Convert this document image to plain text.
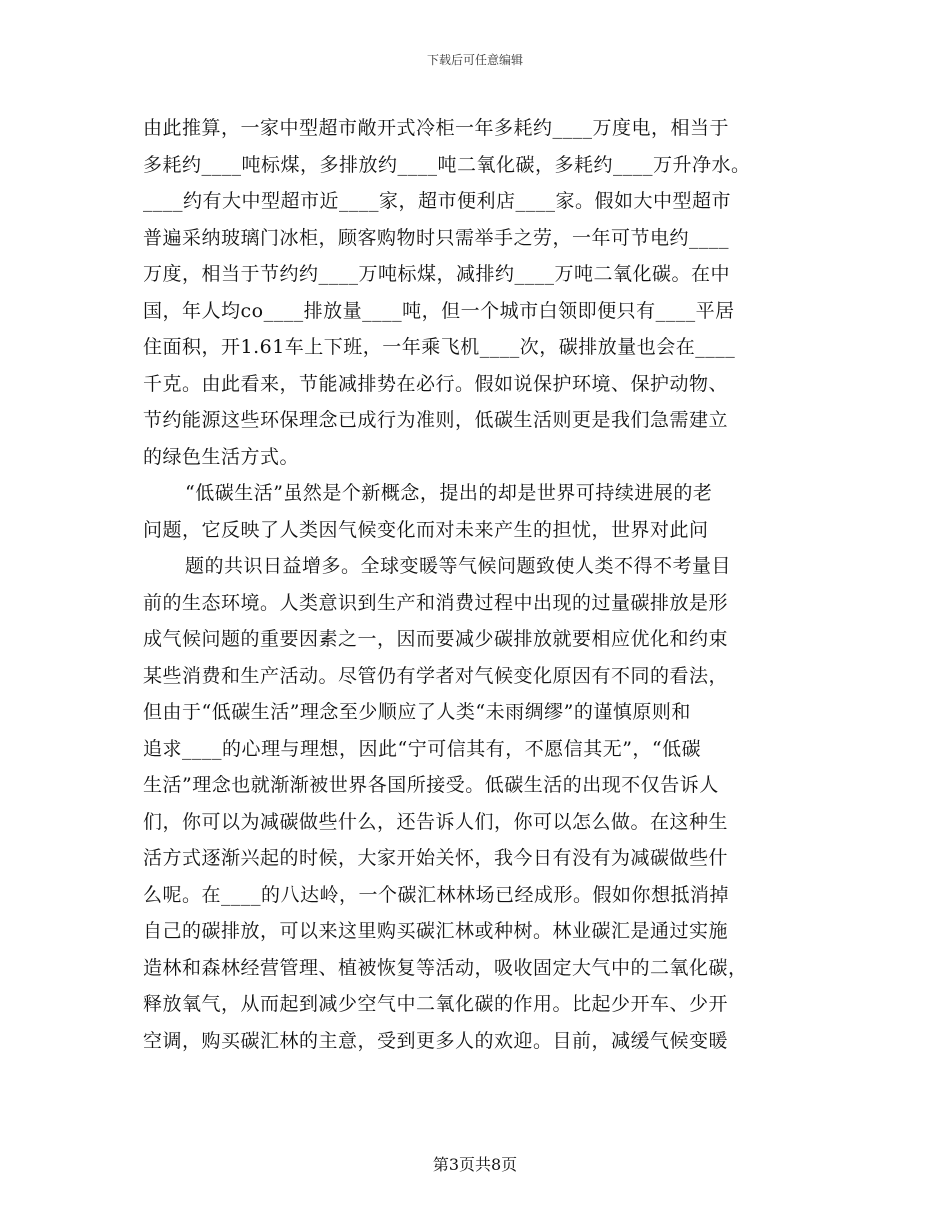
下载后可任意编辑
由此推算，一家中型超市敞开式冷柜一年多耗约____万度电，相当于
多耗约____吨标煤，多排放约____吨二氧化碳，多耗约____万升净水。
____约有大中型超市近____家，超市便利店____家。假如大中型超市
普遍采纳玻璃门冰柜，顾客购物时只需举手之劳，一年可节电约____
万度，相当于节约约____万吨标煤，减排约____万吨二氧化碳。在中
国，年人均co____排放量____吨，但一个城市白领即便只有____平居
住面积，开1.61车上下班，一年乘飞机____次，碳排放量也会在____
千克。由此看来，节能减排势在必行。假如说保护环境、保护动物、
节约能源这些环保理念已成行为准则，低碳生活则更是我们急需建立
的绿色生活方式。
“低碳生活”虽然是个新概念，提出的却是世界可持续进展的老
问题，它反映了人类因气候变化而对未来产生的担忧，世界对此问
题的共识日益增多。全球变暖等气候问题致使人类不得不考量目
前的生态环境。人类意识到生产和消费过程中出现的过量碳排放是形
成气候问题的重要因素之一，因而要减少碳排放就要相应优化和约束
某些消费和生产活动。尽管仍有学者对气候变化原因有不同的看法，
但由于“低碳生活”理念至少顺应了人类“未雨绸缪”的谨慎原则和
追求____的心理与理想，因此“宁可信其有，不愿信其无”，“低碳
生活”理念也就渐渐被世界各国所接受。低碳生活的出现不仅告诉人
们，你可以为减碳做些什么，还告诉人们，你可以怎么做。在这种生
活方式逐渐兴起的时候，大家开始关怀，我今日有没有为减碳做些什
么呢。在____的八达岭，一个碳汇林林场已经成形。假如你想抵消掉
自己的碳排放，可以来这里购买碳汇林或种树。林业碳汇是通过实施
造林和森林经营管理、植被恢复等活动，吸收固定大气中的二氧化碳，
释放氧气，从而起到减少空气中二氧化碳的作用。比起少开车、少开
空调，购买碳汇林的主意，受到更多人的欢迎。目前，减缓气候变暖
第3页共8页
